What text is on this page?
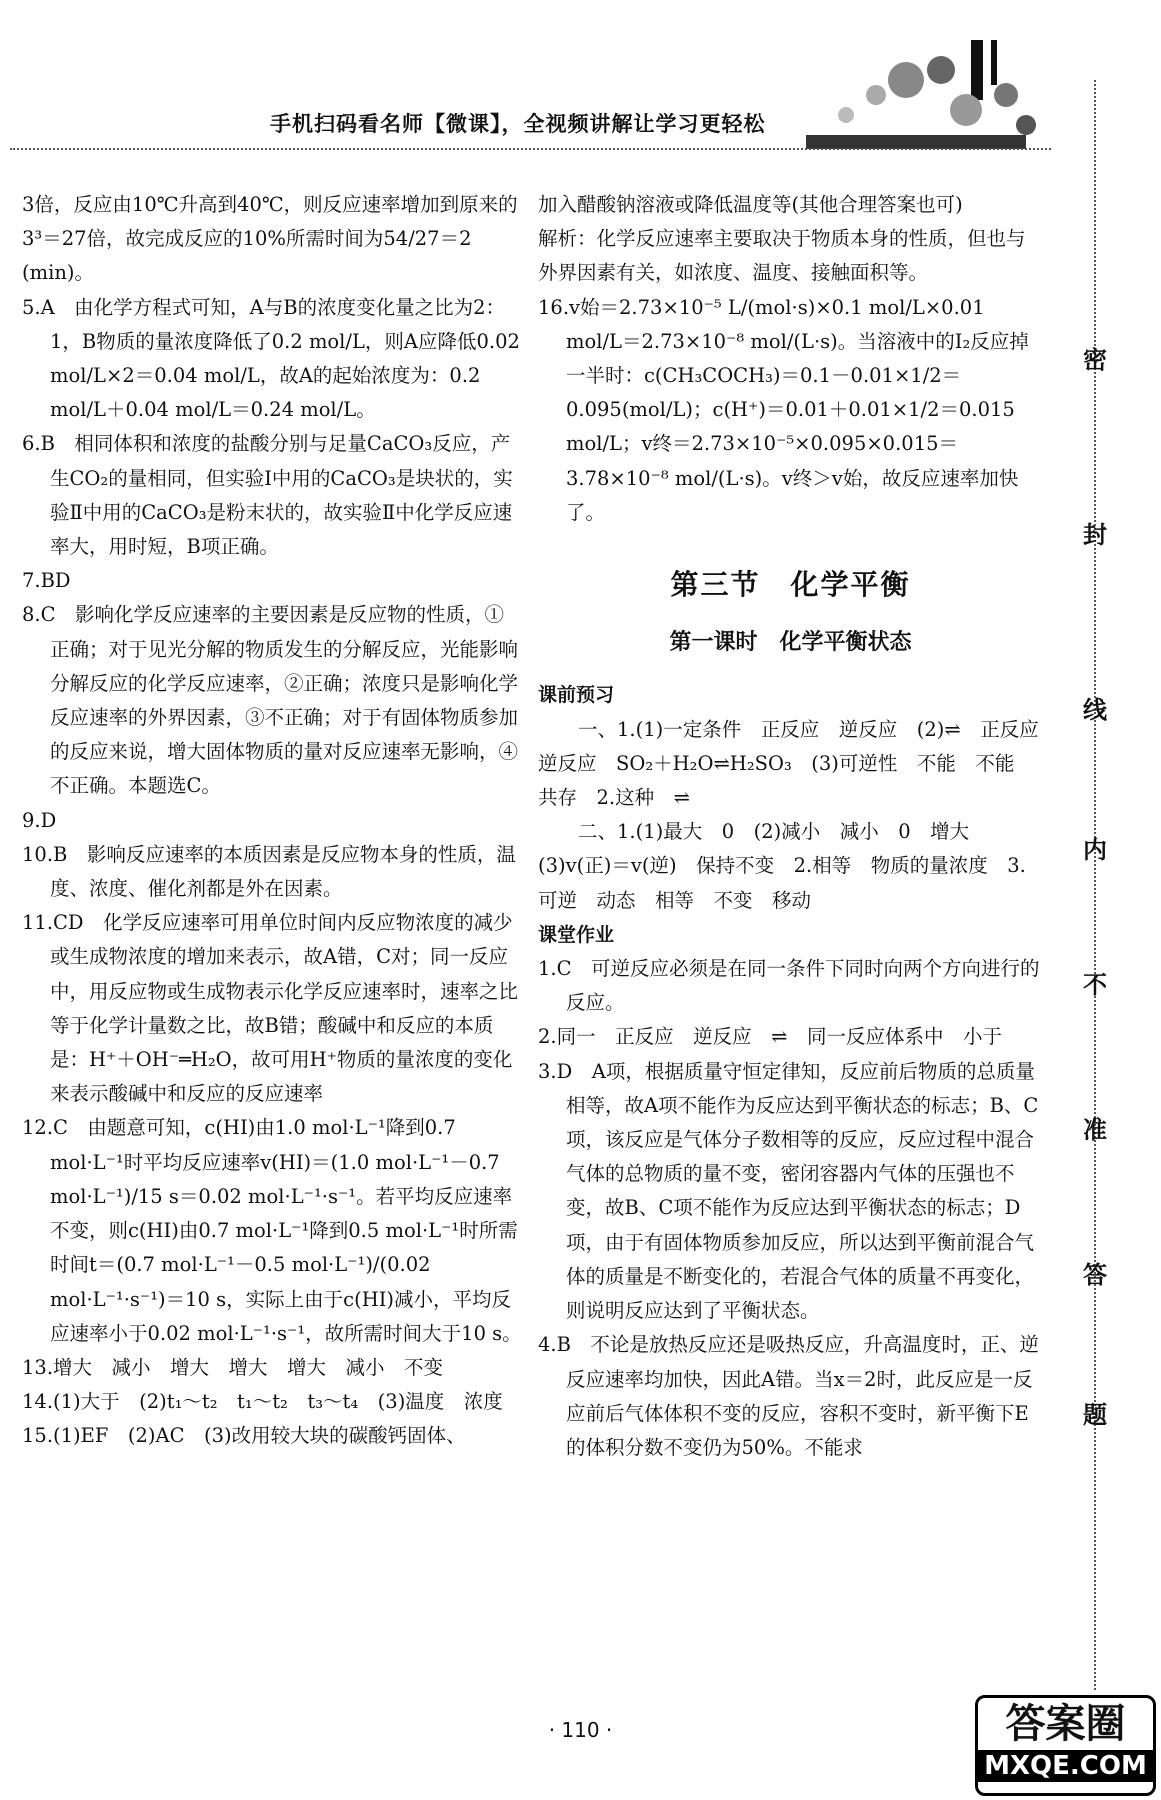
手机扫码看名师【微课】，全视频讲解让学习更轻松

3倍，反应由10℃升高到40℃，则反应速率增加到原来的3³＝27倍，故完成反应的10%所需时间为54/27＝2 (min)。

5.A　由化学方程式可知，A与B的浓度变化量之比为2：1，B物质的量浓度降低了0.2 mol/L，则A应降低0.02 mol/L×2＝0.04 mol/L，故A的起始浓度为：0.2 mol/L＋0.04 mol/L＝0.24 mol/L。

6.B　相同体积和浓度的盐酸分别与足量CaCO₃反应，产生CO₂的量相同，但实验Ⅰ中用的CaCO₃是块状的，实验Ⅱ中用的CaCO₃是粉末状的，故实验Ⅱ中化学反应速率大，用时短，B项正确。

7.BD

8.C　影响化学反应速率的主要因素是反应物的性质，①正确；对于见光分解的物质发生的分解反应，光能影响分解反应的化学反应速率，②正确；浓度只是影响化学反应速率的外界因素，③不正确；对于有固体物质参加的反应来说，增大固体物质的量对反应速率无影响，④不正确。本题选C。

9.D

10.B　影响反应速率的本质因素是反应物本身的性质，温度、浓度、催化剂都是外在因素。

11.CD　化学反应速率可用单位时间内反应物浓度的减少或生成物浓度的增加来表示，故A错，C对；同一反应中，用反应物或生成物表示化学反应速率时，速率之比等于化学计量数之比，故B错；酸碱中和反应的本质是：H⁺＋OH⁻═H₂O，故可用H⁺物质的量浓度的变化来表示酸碱中和反应的反应速率

12.C　由题意可知，c(HI)由1.0 mol·L⁻¹降到0.7 mol·L⁻¹时平均反应速率v(HI)＝(1.0 mol·L⁻¹－0.7 mol·L⁻¹)/15 s＝0.02 mol·L⁻¹·s⁻¹。若平均反应速率不变，则c(HI)由0.7 mol·L⁻¹降到0.5 mol·L⁻¹时所需时间t＝(0.7 mol·L⁻¹－0.5 mol·L⁻¹)/(0.02 mol·L⁻¹·s⁻¹)＝10 s，实际上由于c(HI)减小，平均反应速率小于0.02 mol·L⁻¹·s⁻¹，故所需时间大于10 s。

13.增大　减小　增大　增大　增大　减小　不变

14.(1)大于　(2)t₁～t₂　t₁～t₂　t₃～t₄　(3)温度　浓度

15.(1)EF　(2)AC　(3)改用较大块的碳酸钙固体、

加入醋酸钠溶液或降低温度等(其他合理答案也可)

解析：化学反应速率主要取决于物质本身的性质，但也与外界因素有关，如浓度、温度、接触面积等。

16.v始＝2.73×10⁻⁵ L/(mol·s)×0.1 mol/L×0.01 mol/L＝2.73×10⁻⁸ mol/(L·s)。当溶液中的I₂反应掉一半时：c(CH₃COCH₃)＝0.1－0.01×1/2＝0.095(mol/L)；c(H⁺)＝0.01＋0.01×1/2＝0.015 mol/L；v终＝2.73×10⁻⁵×0.095×0.015＝3.78×10⁻⁸ mol/(L·s)。v终＞v始，故反应速率加快了。

第三节　化学平衡
第一课时　化学平衡状态
课前预习

一、1.(1)一定条件　正反应　逆反应　(2)⇌　正反应　逆反应　SO₂＋H₂O⇌H₂SO₃　(3)可逆性　不能　不能　共存　2.这种　⇌

二、1.(1)最大　0　(2)减小　减小　0　增大　(3)v(正)＝v(逆)　保持不变　2.相等　物质的量浓度　3.可逆　动态　相等　不变　移动

课堂作业

1.C　可逆反应必须是在同一条件下同时向两个方向进行的反应。

2.同一　正反应　逆反应　⇌　同一反应体系中　小于

3.D　A项，根据质量守恒定律知，反应前后物质的总质量相等，故A项不能作为反应达到平衡状态的标志；B、C项，该反应是气体分子数相等的反应，反应过程中混合气体的总物质的量不变，密闭容器内气体的压强也不变，故B、C项不能作为反应达到平衡状态的标志；D项，由于有固体物质参加反应，所以达到平衡前混合气体的质量是不断变化的，若混合气体的质量不再变化，则说明反应达到了平衡状态。

4.B　不论是放热反应还是吸热反应，升高温度时，正、逆反应速率均加快，因此A错。当x＝2时，此反应是一反应前后气体体积不变的反应，容积不变时，新平衡下E的体积分数不变仍为50%。不能求

密
封
线
内
不
准
答
题
· 110 ·	答案圈
MXQE.COM
